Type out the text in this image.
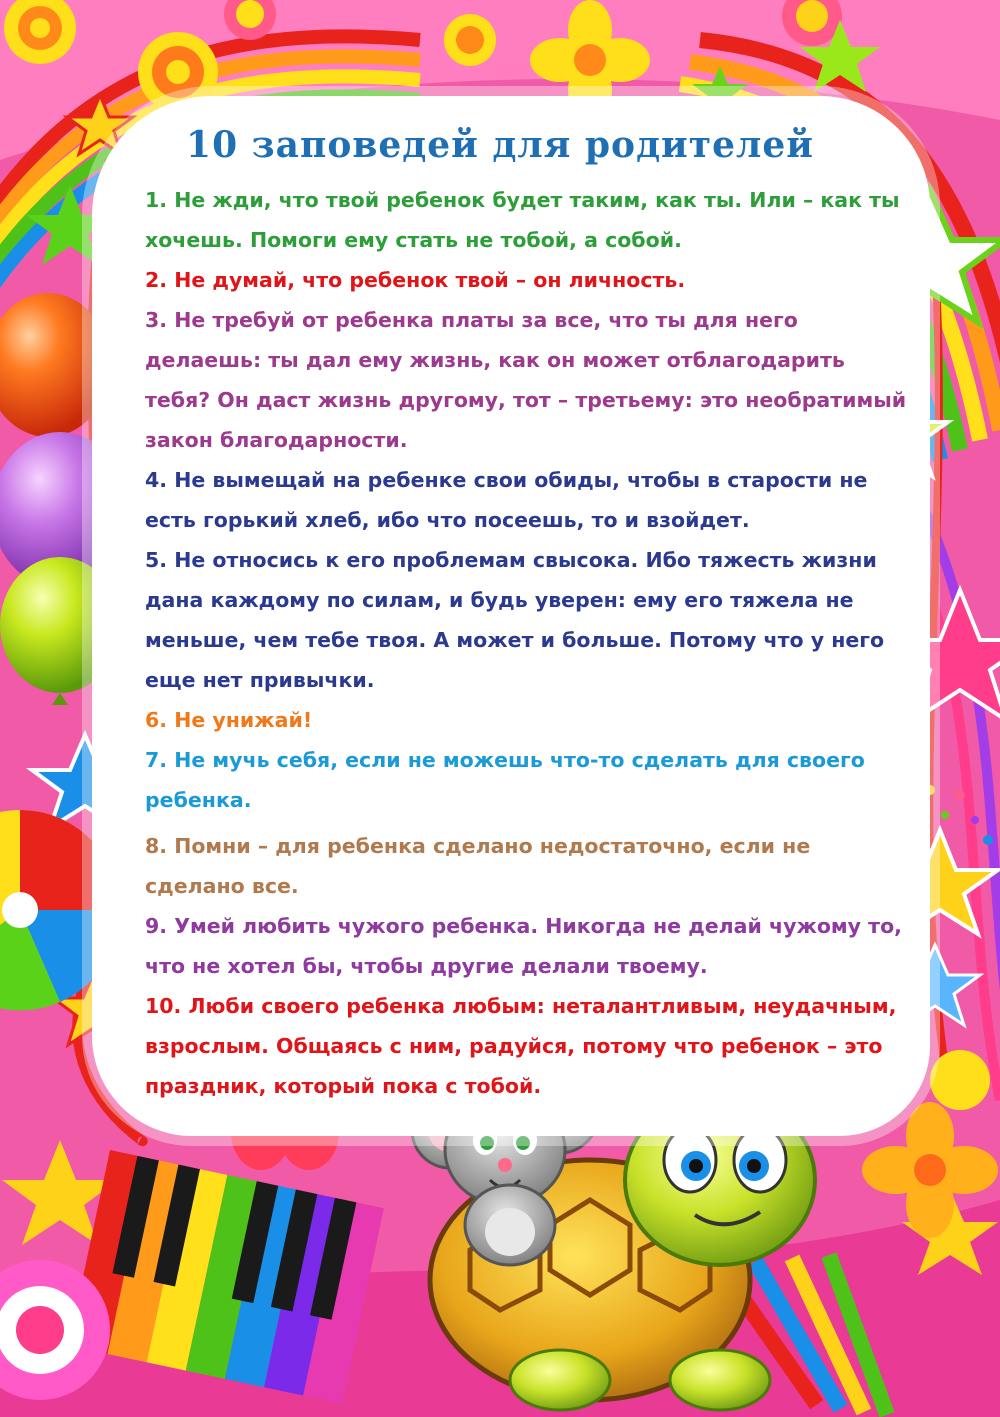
10 заповедей для родителей
1. Не жди, что твой ребенок будет таким, как ты. Или – как ты хочешь. Помоги ему стать не тобой, а собой.
2. Не думай, что ребенок твой – он личность.
3. Не требуй от ребенка платы за все, что ты для него делаешь: ты дал ему жизнь, как он может отблагодарить тебя? Он даст жизнь другому, тот – третьему: это необратимый закон благодарности.
4. Не вымещай на ребенке свои обиды, чтобы в старости не есть горький хлеб, ибо что посеешь, то и взойдет.
5. Не относись к его проблемам свысока. Ибо тяжесть жизни дана каждому по силам, и будь уверен: ему его тяжела не меньше, чем тебе твоя. А может и больше. Потому что у него еще нет привычки.
6. Не унижай!
7. Не мучь себя, если не можешь что-то сделать для своего ребенка.
8. Помни – для ребенка сделано недостаточно, если не сделано все.
9. Умей любить чужого ребенка. Никогда не делай чужому то, что не хотел бы, чтобы другие делали твоему.
10. Люби своего ребенка любым: неталантливым, неудачным, взрослым. Общаясь с ним, радуйся, потому что ребенок – это праздник, который пока с тобой.
